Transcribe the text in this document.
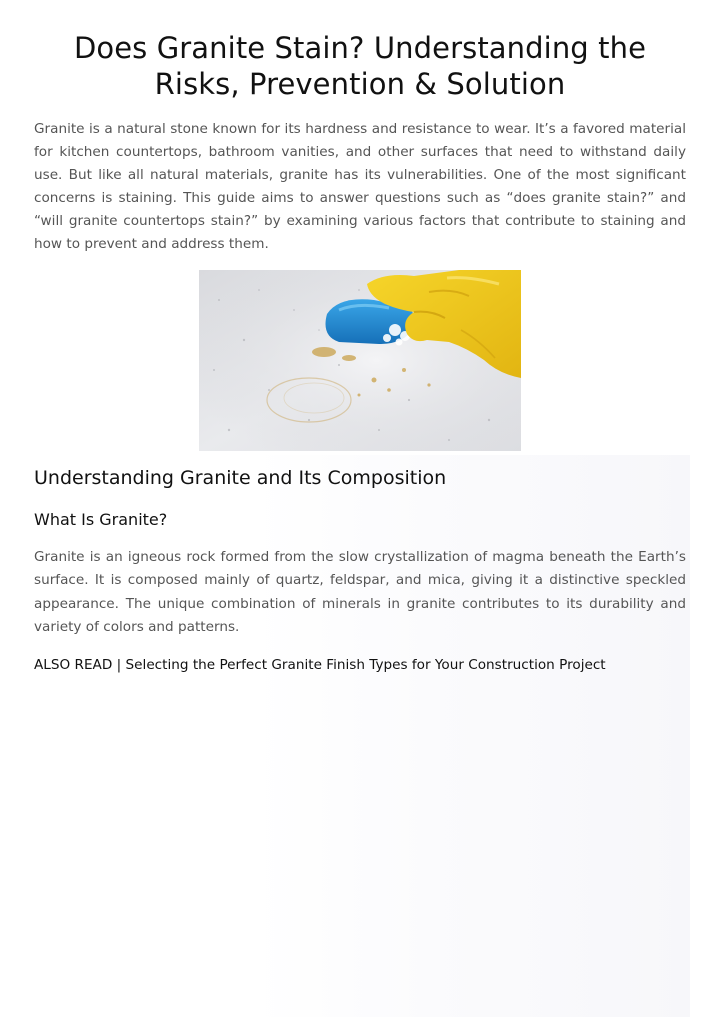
Does Granite Stain? Understanding the Risks, Prevention & Solution

Granite is a natural stone known for its hardness and resistance to wear. It’s a favored material for kitchen countertops, bathroom vanities, and other surfaces that need to withstand daily use. But like all natural materials, granite has its vulnerabilities. One of the most significant concerns is staining. This guide aims to answer questions such as “does granite stain?” and “will granite countertops stain?” by examining various factors that contribute to staining and how to prevent and address them.

Understanding Granite and Its Composition
What Is Granite?

Granite is an igneous rock formed from the slow crystallization of magma beneath the Earth’s surface. It is composed mainly of quartz, feldspar, and mica, giving it a distinctive speckled appearance. The unique combination of minerals in granite contributes to its durability and variety of colors and patterns.

ALSO READ | Selecting the Perfect Granite Finish Types for Your Construction Project
